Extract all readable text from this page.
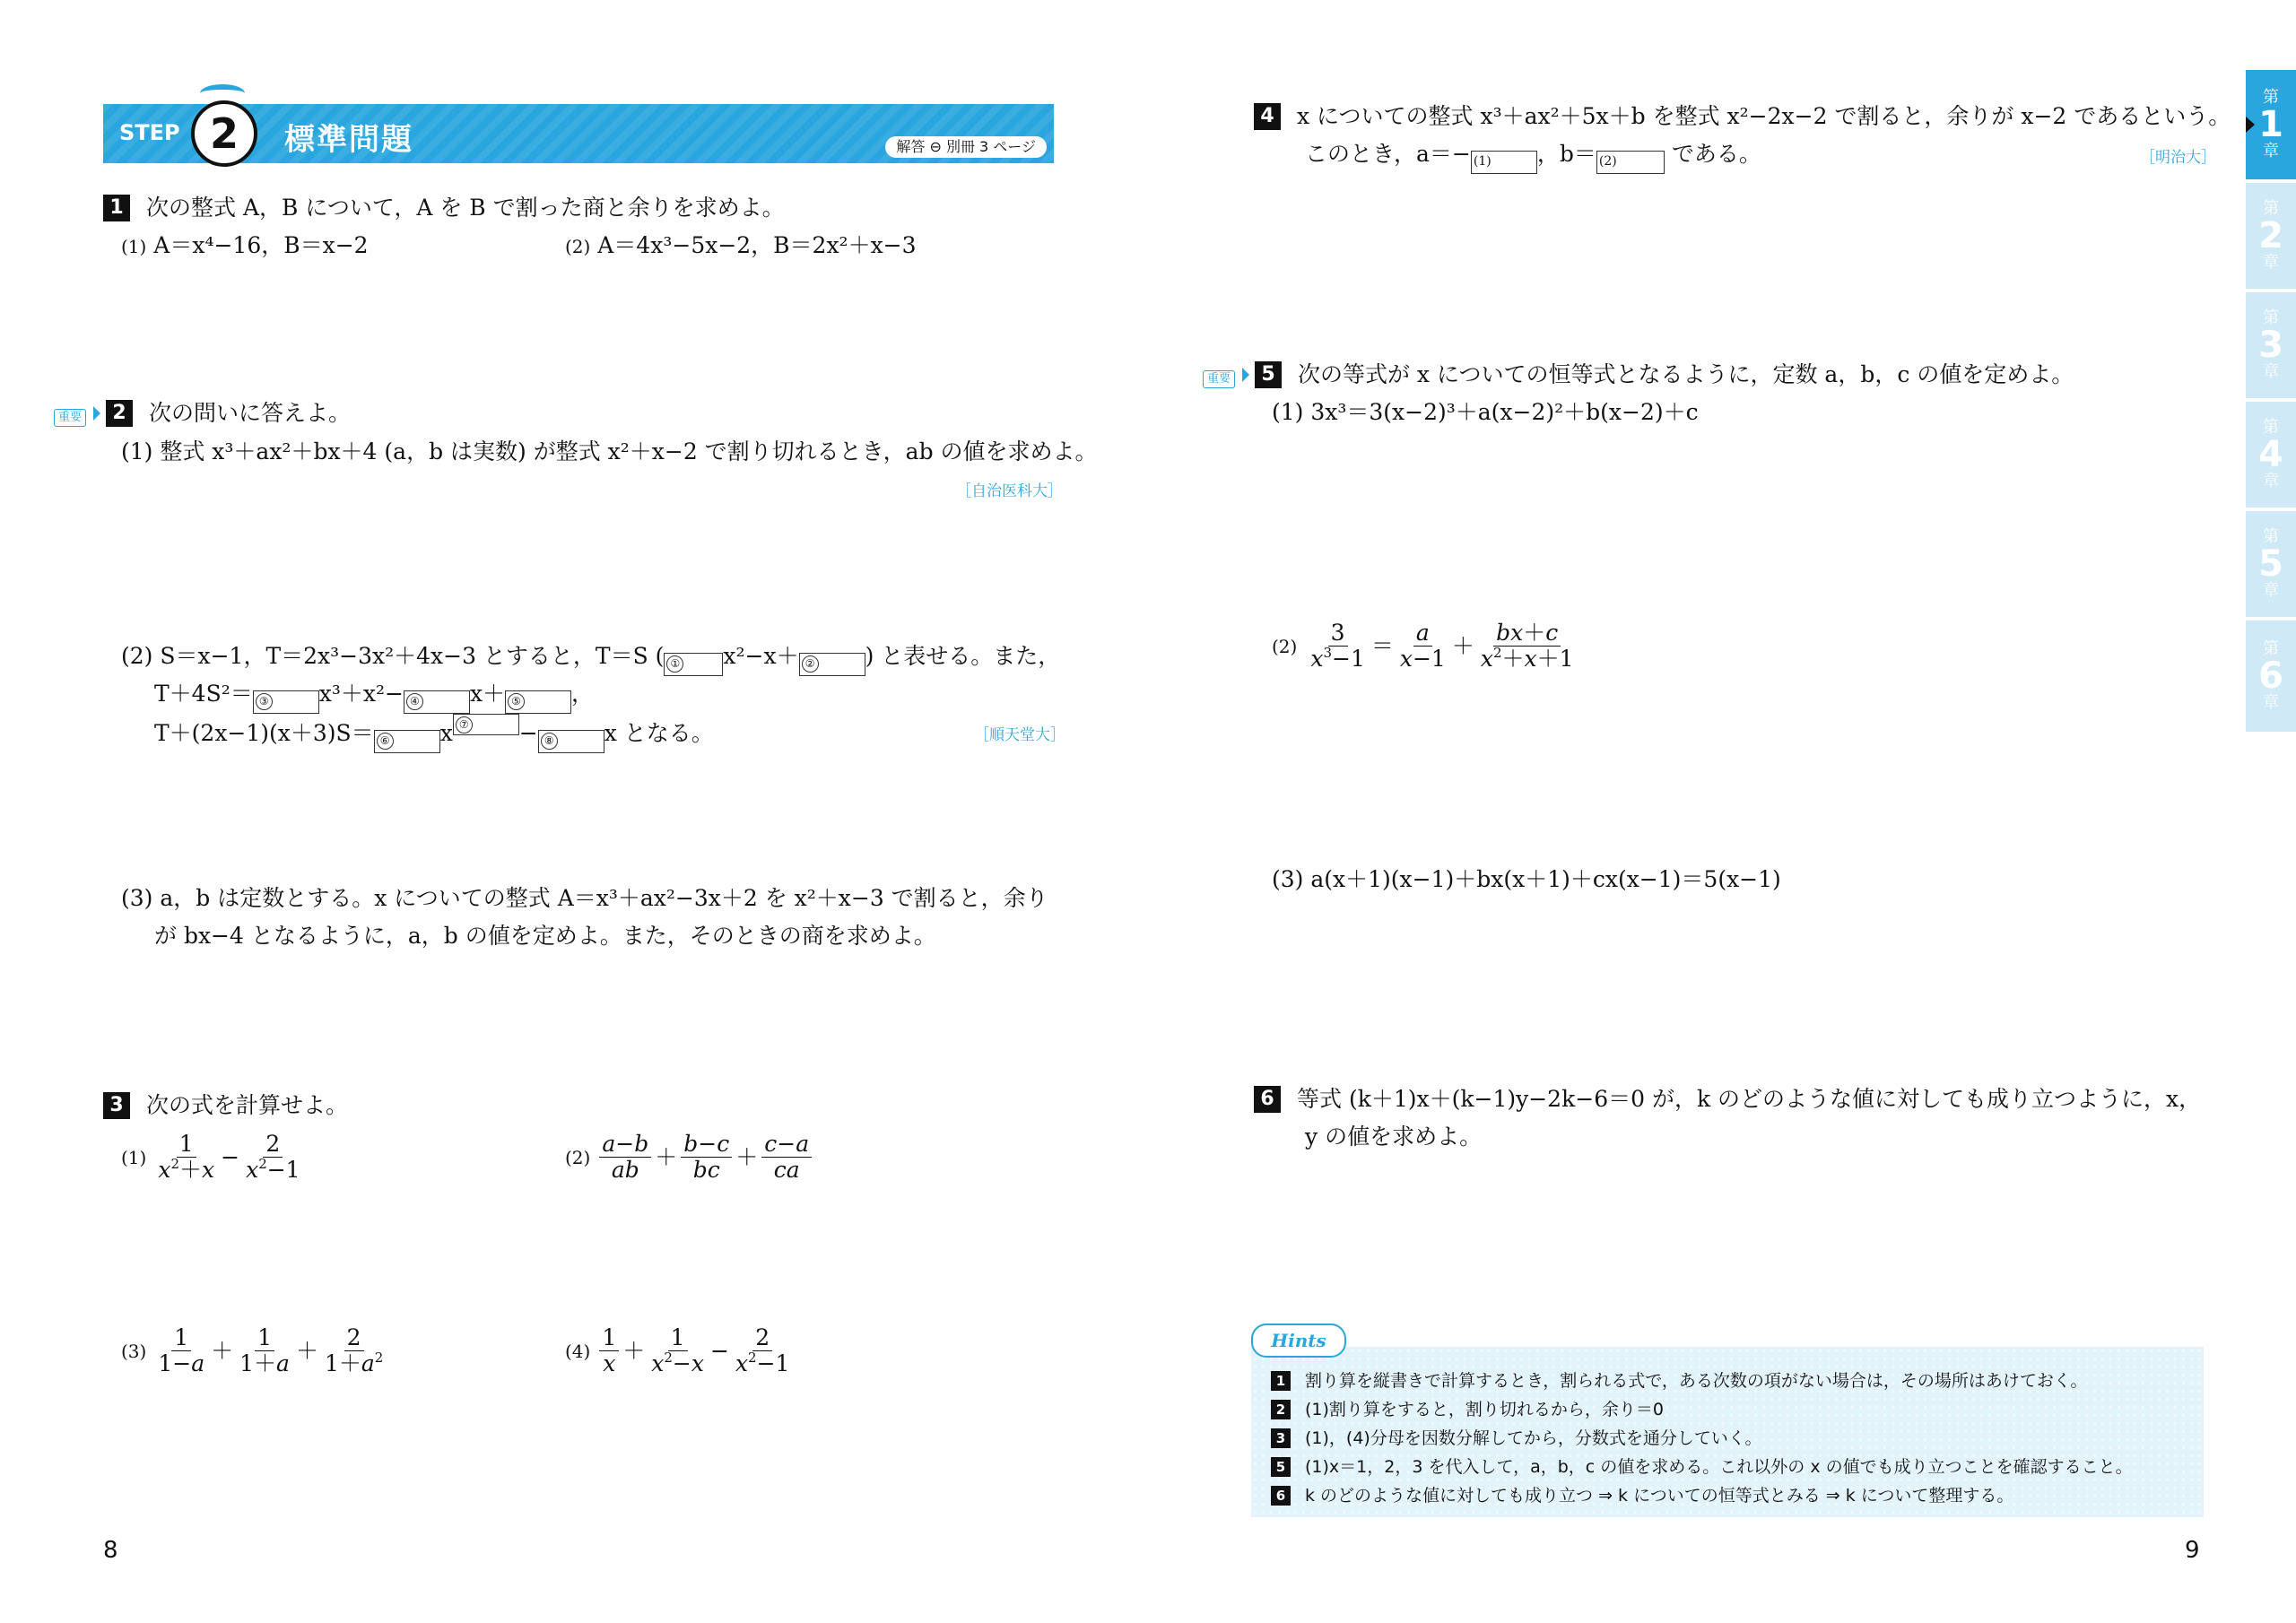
STEP 2	標準問題	解答 ⊖ 別冊 3 ページ
1 次の整式 A，B について，A を B で割った商と余りを求めよ。
(1) A＝x⁴−16，B＝x−2	(2) A＝4x³−5x−2，B＝2x²＋x−3
重要 2 次の問いに答えよ。
(1) 整式 x³＋ax²＋bx＋4 (a，b は実数) が整式 x²＋x−2 で割り切れるとき，ab の値を求めよ。
［自治医科大］
(2) S＝x−1，T＝2x³−3x²＋4x−3 とすると，T＝S ( ① x²−x＋ ② ) と表せる。また，
T＋4S²＝ ③ x³＋x²− ④ x＋ ⑤ ，
T＋(2x−1)(x＋3)S＝ ⑥ x ⑦ − ⑧ x となる。	［順天堂大］
(3) a，b は定数とする。x についての整式 A＝x³＋ax²−3x＋2 を x²＋x−3 で割ると，余り
が bx−4 となるように，a，b の値を定めよ。また，そのときの商を求めよ。
3 次の式を計算せよ。
$(1) \frac{1}{x^2+x} - \frac{2}{x^2-1}$	$(2) \frac{a-b}{ab} + \frac{b-c}{bc} + \frac{c-a}{ca}$
$(3) \frac{1}{1-a} + \frac{1}{1+a} + \frac{2}{1+a^2}$	$(4) \frac{1}{x} + \frac{1}{x^2-x} - \frac{2}{x^2-1}$
8
4 x についての整式 x³＋ax²＋5x＋b を整式 x²−2x−2 で割ると，余りが x−2 であるという。
このとき，a＝− (1) ，b＝ (2) である。	［明治大］
重要 5 次の等式が x についての恒等式となるように，定数 a，b，c の値を定めよ。
(1) 3x³＝3(x−2)³＋a(x−2)²＋b(x−2)＋c
$(2) \frac{3}{x^3-1} = \frac{a}{x-1} + \frac{bx+c}{x^2+x+1}$
(3) a(x＋1)(x−1)＋bx(x＋1)＋cx(x−1)＝5(x−1)
6 等式 (k＋1)x＋(k−1)y−2k−6＝0 が，k のどのような値に対しても成り立つように，x，
y の値を求めよ。
1 割り算を縦書きで計算するとき，割られる式で，ある次数の項がない場合は，その場所はあけておく。
2 (1)割り算をすると，割り切れるから，余り＝0
3 (1)，(4)分母を因数分解してから，分数式を通分していく。
5 (1)x＝1，2，3 を代入して，a，b，c の値を求める。これ以外の x の値でも成り立つことを確認すること。
6 k のどのような値に対しても成り立つ ⇒ k についての恒等式とみる ⇒ k について整理する。
Hints
9
第
1
章
第
2
章
第
3
章
第
4
章
第
5
章
第
6
章
